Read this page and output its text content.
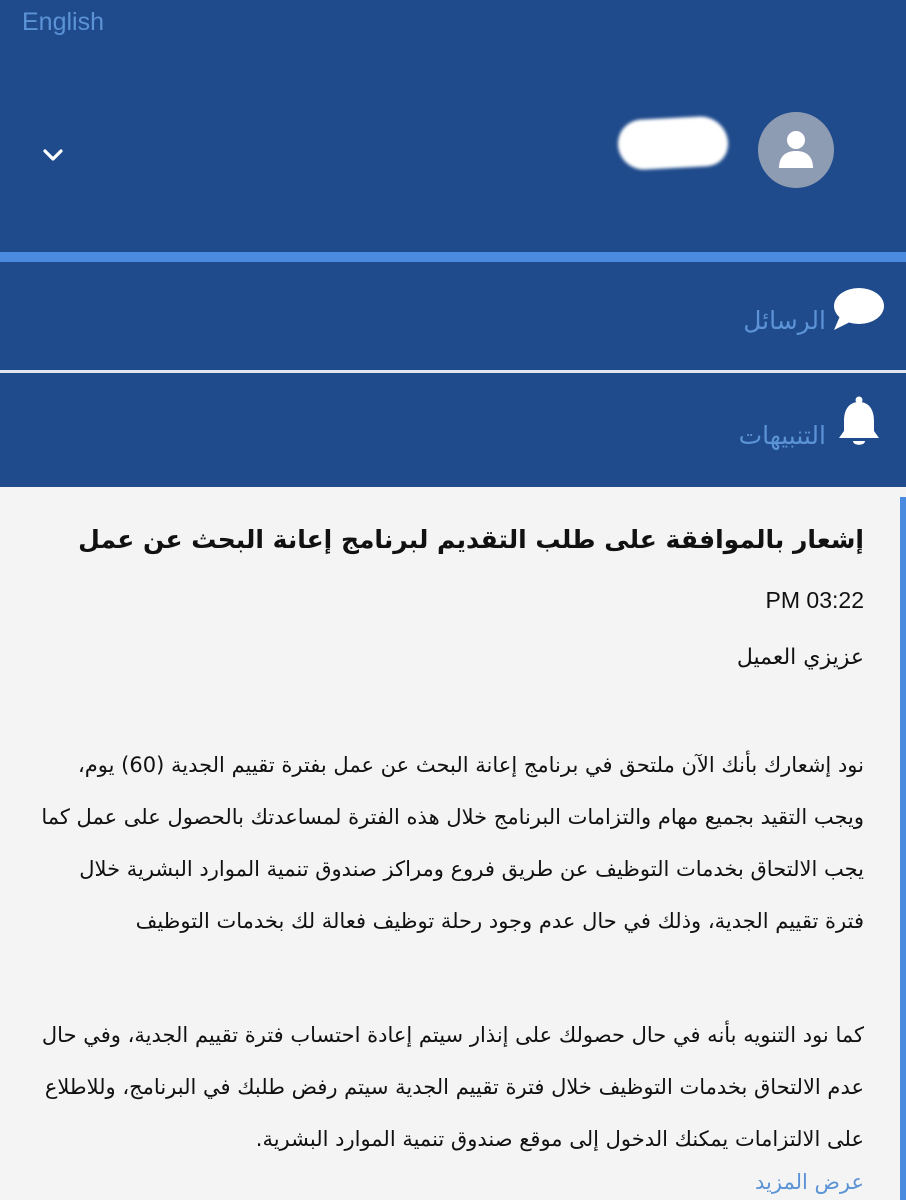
English
الرسائل
التنبيهات
إشعار بالموافقة على طلب التقديم لبرنامج إعانة البحث عن عمل
PM 03:22
عزيزي العميل
نود إشعارك بأنك الآن ملتحق في برنامج إعانة البحث عن عمل بفترة تقييم الجدية (60) يوم، ويجب التقيد بجميع مهام والتزامات البرنامج خلال هذه الفترة لمساعدتك بالحصول على عمل كما يجب الالتحاق بخدمات التوظيف عن طريق فروع ومراكز صندوق تنمية الموارد البشرية خلال فترة تقييم الجدية، وذلك في حال عدم وجود رحلة توظيف فعالة لك بخدمات التوظيف
كما نود التنويه بأنه في حال حصولك على إنذار سيتم إعادة احتساب فترة تقييم الجدية، وفي حال عدم الالتحاق بخدمات التوظيف خلال فترة تقييم الجدية سيتم رفض طلبك في البرنامج، وللاطلاع على الالتزامات يمكنك الدخول إلى موقع صندوق تنمية الموارد البشرية.
عرض المزيد
